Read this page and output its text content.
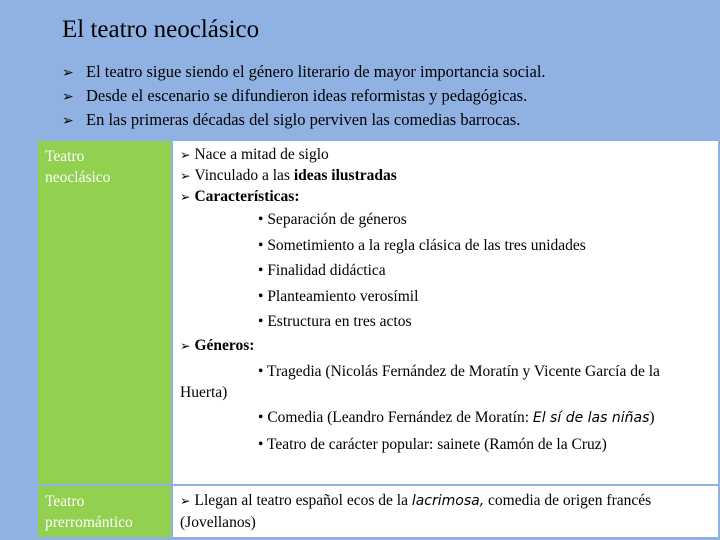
El teatro neoclásico
➢ El teatro sigue siendo el género literario de mayor importancia social.
➢ Desde el escenario se difundieron ideas reformistas y pedagógicas.
➢ En las primeras décadas del siglo perviven las comedias barrocas.
Teatro
neoclásico
➢ Nace a mitad de siglo
➢ Vinculado a las ideas ilustradas
➢ Características:
• Separación de géneros
• Sometimiento a la regla clásica de las tres unidades
• Finalidad didáctica
• Planteamiento verosímil
• Estructura en tres actos
➢ Géneros:
• Tragedia (Nicolás Fernández de Moratín y Vicente García de la Huerta)
• Comedia (Leandro Fernández de Moratín: El sí de las niñas)
• Teatro de carácter popular: sainete (Ramón de la Cruz)
Teatro
prerromántico
➢ Llegan al teatro español ecos de la lacrimosa, comedia de origen francés (Jovellanos)
